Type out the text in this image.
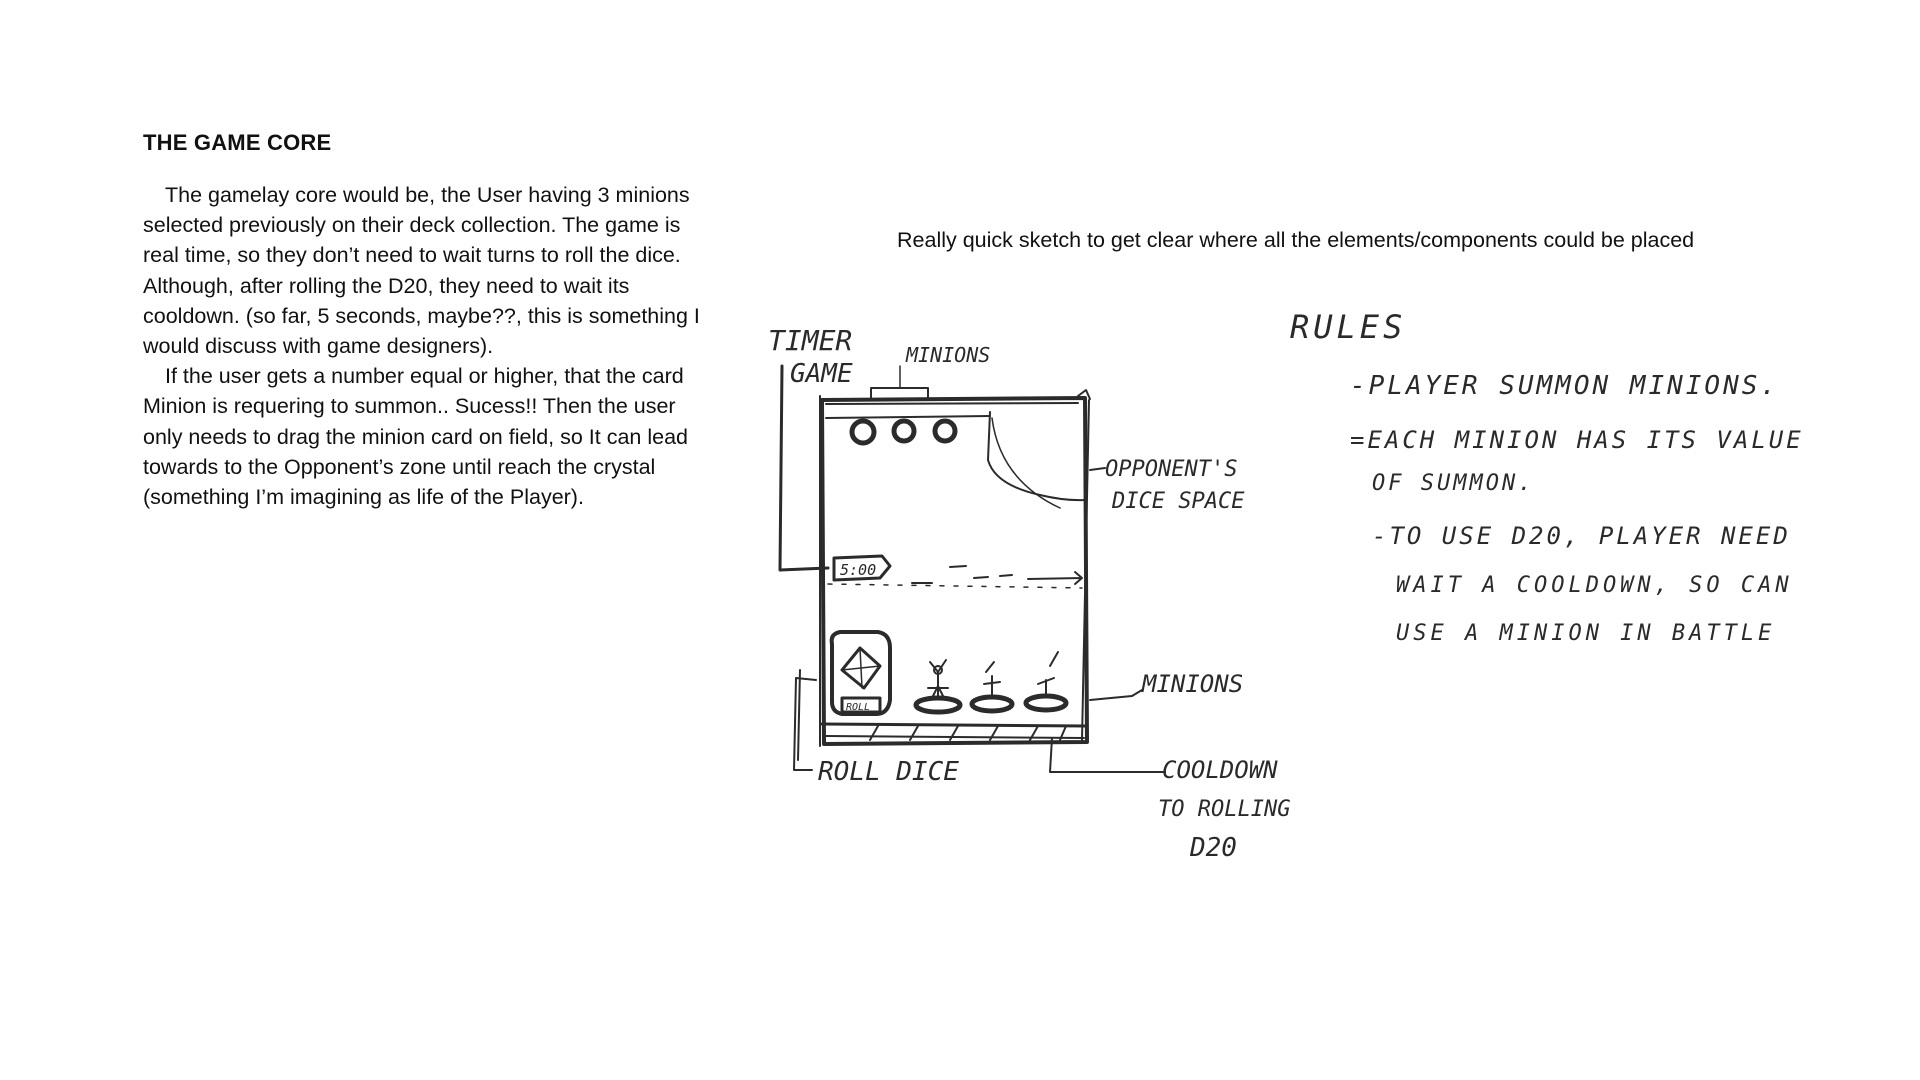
THE GAME CORE

The gamelay core would be, the User having 3 minions selected previously on their deck collection. The game is real time, so they don’t need to wait turns to roll the dice. Although, after rolling the D20, they need to wait its cooldown. (so far, 5 seconds, maybe??, this is something I would discuss with game designers).

If the user gets a number equal or higher, that the card Minion is requering to summon.. Sucess!! Then the user only needs to drag the minion card on field, so It can lead towards to the Opponent’s zone until reach the crystal (something I’m imagining as life of the Player).

Really quick sketch to get clear where all the elements/components could be placed
TIMER
GAME
MINIONS
OPPONENT'S
DICE SPACE
5:00
ROLL
MINIONS
ROLL DICE	COOLDOWN
TO ROLLING
D20
RULES
-PLAYER SUMMON MINIONS.
=EACH MINION HAS ITS VALUE
OF SUMMON.
-TO USE D20, PLAYER NEED
WAIT A COOLDOWN, SO CAN
USE A MINION IN BATTLE
